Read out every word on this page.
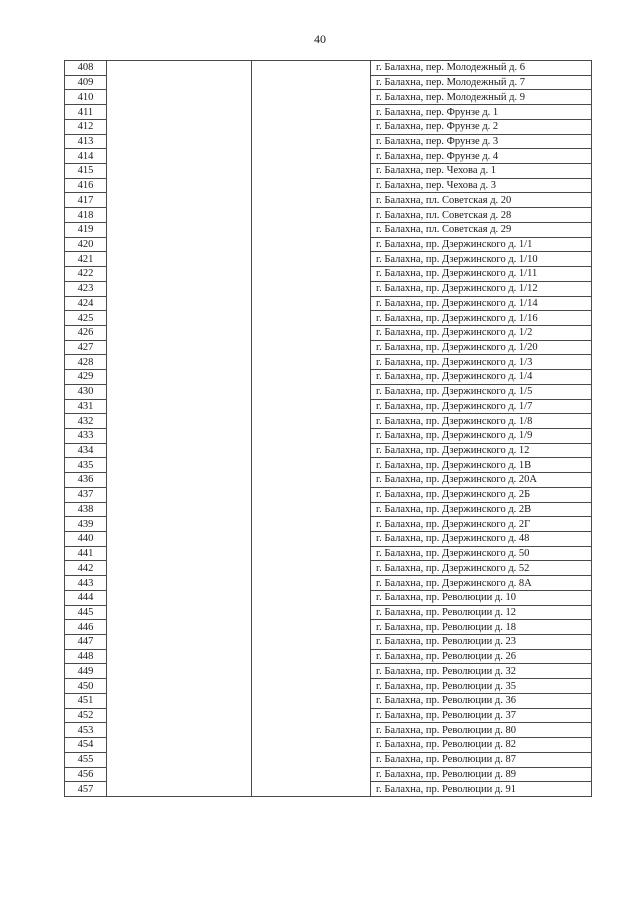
40
408			г. Балахна, пер. Молодежный д. 6
409			г. Балахна, пер. Молодежный д. 7
410			г. Балахна, пер. Молодежный д. 9
411			г. Балахна, пер. Фрунзе д. 1
412			г. Балахна, пер. Фрунзе д. 2
413			г. Балахна, пер. Фрунзе д. 3
414			г. Балахна, пер. Фрунзе д. 4
415			г. Балахна, пер. Чехова д. 1
416			г. Балахна, пер. Чехова д. 3
417			г. Балахна, пл. Советская д. 20
418			г. Балахна, пл. Советская д. 28
419			г. Балахна, пл. Советская д. 29
420			г. Балахна, пр. Дзержинского д. 1/1
421			г. Балахна, пр. Дзержинского д. 1/10
422			г. Балахна, пр. Дзержинского д. 1/11
423			г. Балахна, пр. Дзержинского д. 1/12
424			г. Балахна, пр. Дзержинского д. 1/14
425			г. Балахна, пр. Дзержинского д. 1/16
426			г. Балахна, пр. Дзержинского д. 1/2
427			г. Балахна, пр. Дзержинского д. 1/20
428			г. Балахна, пр. Дзержинского д. 1/3
429			г. Балахна, пр. Дзержинского д. 1/4
430			г. Балахна, пр. Дзержинского д. 1/5
431			г. Балахна, пр. Дзержинского д. 1/7
432			г. Балахна, пр. Дзержинского д. 1/8
433			г. Балахна, пр. Дзержинского д. 1/9
434			г. Балахна, пр. Дзержинского д. 12
435			г. Балахна, пр. Дзержинского д. 1В
436			г. Балахна, пр. Дзержинского д. 20А
437			г. Балахна, пр. Дзержинского д. 2Б
438			г. Балахна, пр. Дзержинского д. 2В
439			г. Балахна, пр. Дзержинского д. 2Г
440			г. Балахна, пр. Дзержинского д. 48
441			г. Балахна, пр. Дзержинского д. 50
442			г. Балахна, пр. Дзержинского д. 52
443			г. Балахна, пр. Дзержинского д. 8А
444			г. Балахна, пр. Революции д. 10
445			г. Балахна, пр. Революции д. 12
446			г. Балахна, пр. Революции д. 18
447			г. Балахна, пр. Революции д. 23
448			г. Балахна, пр. Революции д. 26
449			г. Балахна, пр. Революции д. 32
450			г. Балахна, пр. Революции д. 35
451			г. Балахна, пр. Революции д. 36
452			г. Балахна, пр. Революции д. 37
453			г. Балахна, пр. Революции д. 80
454			г. Балахна, пр. Революции д. 82
455			г. Балахна, пр. Революции д. 87
456			г. Балахна, пр. Революции д. 89
457			г. Балахна, пр. Революции д. 91
